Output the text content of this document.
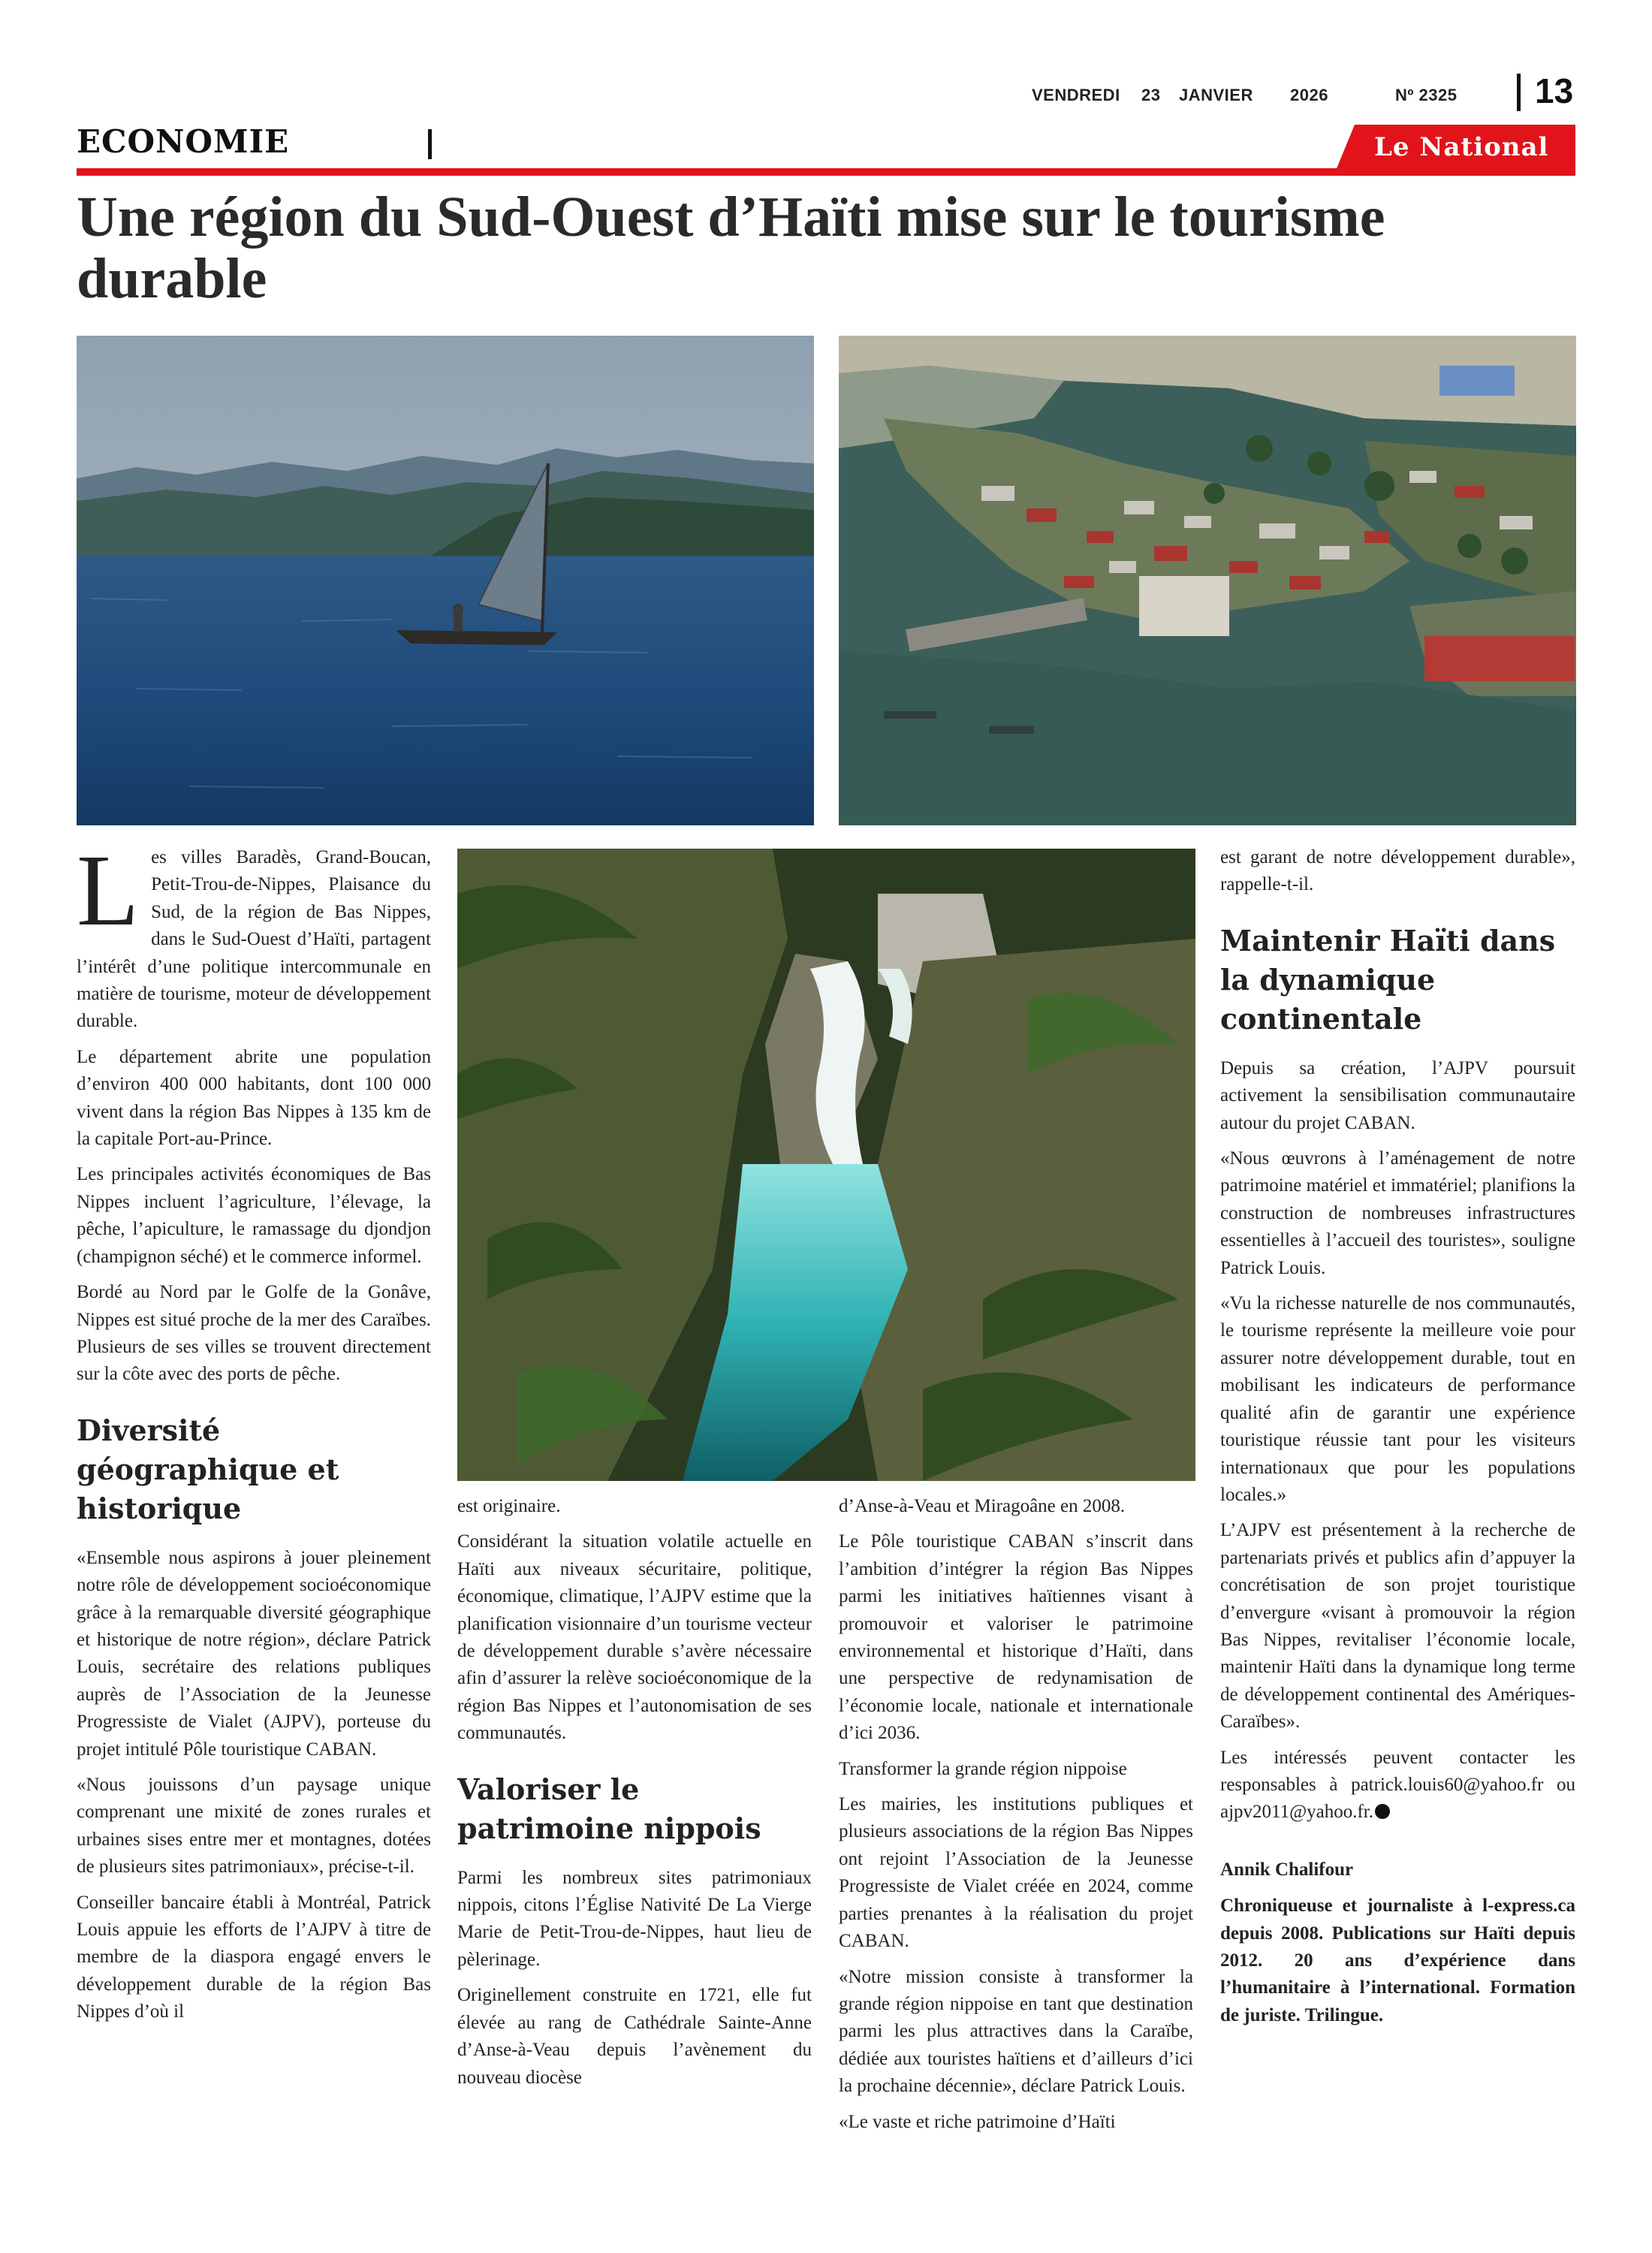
VENDREDI 23 JANVIER 2026	Nº 2325 13
ECONOMIE	Le National
Une région du Sud-Ouest d’Haïti mise sur le tourisme durable

Les villes Baradès, Grand-Boucan, Petit-Trou-de-Nippes, Plaisance du Sud, de la région de Bas Nippes, dans le Sud-Ouest d’Haïti, partagent l’intérêt d’une politique intercommunale en matière de tourisme, moteur de développement durable.

Le département abrite une population d’environ 400 000 habitants, dont 100 000 vivent dans la région Bas Nippes à 135 km de la capitale Port-au-Prince.

Les principales activités économiques de Bas Nippes incluent l’agriculture, l’élevage, la pêche, l’apiculture, le ramassage du djondjon (champignon séché) et le commerce informel.

Bordé au Nord par le Golfe de la Gonâve, Nippes est situé proche de la mer des Caraïbes. Plusieurs de ses villes se trouvent directement sur la côte avec des ports de pêche.

Diversité géographique et historique

«Ensemble nous aspirons à jouer pleinement notre rôle de développement socioéconomique grâce à la remarquable diversité géographique et historique de notre région», déclare Patrick Louis, secrétaire des relations publiques auprès de l’Association de la Jeunesse Progressiste de Vialet (AJPV), porteuse du projet intitulé Pôle touristique CABAN.

«Nous jouissons d’un paysage unique comprenant une mixité de zones rurales et urbaines sises entre mer et montagnes, dotées de plusieurs sites patrimoniaux», précise-t-il.

Conseiller bancaire établi à Montréal, Patrick Louis appuie les efforts de l’AJPV à titre de membre de la diaspora engagé envers le développement durable de la région Bas Nippes d’où il

est originaire.

Considérant la situation volatile actuelle en Haïti aux niveaux sécuritaire, politique, économique, climatique, l’AJPV estime que la planification visionnaire d’un tourisme vecteur de développement durable s’avère nécessaire afin d’assurer la relève socioéconomique de la région Bas Nippes et l’autonomisation de ses communautés.

Valoriser le patrimoine nippois

Parmi les nombreux sites patrimoniaux nippois, citons l’Église Nativité De La Vierge Marie de Petit-Trou-de-Nippes, haut lieu de pèlerinage.

Originellement construite en 1721, elle fut élevée au rang de Cathédrale Sainte-Anne d’Anse-à-Veau depuis l’avènement du nouveau diocèse

d’Anse-à-Veau et Miragoâne en 2008.

Le Pôle touristique CABAN s’inscrit dans l’ambition d’intégrer la région Bas Nippes parmi les initiatives haïtiennes visant à promouvoir et valoriser le patrimoine environnemental et historique d’Haïti, dans une perspective de redynamisation de l’économie locale, nationale et internationale d’ici 2036.

Transformer la grande région nippoise

Les mairies, les institutions publiques et plusieurs associations de la région Bas Nippes ont rejoint l’Association de la Jeunesse Progressiste de Vialet créée en 2024, comme parties prenantes à la réalisation du projet CABAN.

«Notre mission consiste à transformer la grande région nippoise en tant que destination parmi les plus attractives dans la Caraïbe, dédiée aux touristes haïtiens et d’ailleurs d’ici la prochaine décennie», déclare Patrick Louis.

«Le vaste et riche patrimoine d’Haïti

est garant de notre développement durable», rappelle-t-il.

Maintenir Haïti dans la dynamique continentale

Depuis sa création, l’AJPV poursuit activement la sensibilisation communautaire autour du projet CABAN.

«Nous œuvrons à l’aménagement de notre patrimoine matériel et immatériel; planifions la construction de nombreuses infrastructures essentielles à l’accueil des touristes», souligne Patrick Louis.

«Vu la richesse naturelle de nos communautés, le tourisme représente la meilleure voie pour assurer notre développement durable, tout en mobilisant les indicateurs de performance qualité afin de garantir une expérience touristique réussie tant pour les visiteurs internationaux que pour les populations locales.»

L’AJPV est présentement à la recherche de partenariats privés et publics afin d’appuyer la concrétisation de son projet touristique d’envergure «visant à promouvoir la région Bas Nippes, revitaliser l’économie locale, maintenir Haïti dans la dynamique long terme de développement continental des Amériques-Caraïbes».

Les intéressés peuvent contacter les responsables à patrick.louis60@yahoo.fr ou ajpv2011@yahoo.fr.

Annik Chalifour

Chroniqueuse et journaliste à l-express.ca depuis 2008. Publications sur Haïti depuis 2012. 20 ans d’expérience dans l’humanitaire à l’international. Formation de juriste. Trilingue.
